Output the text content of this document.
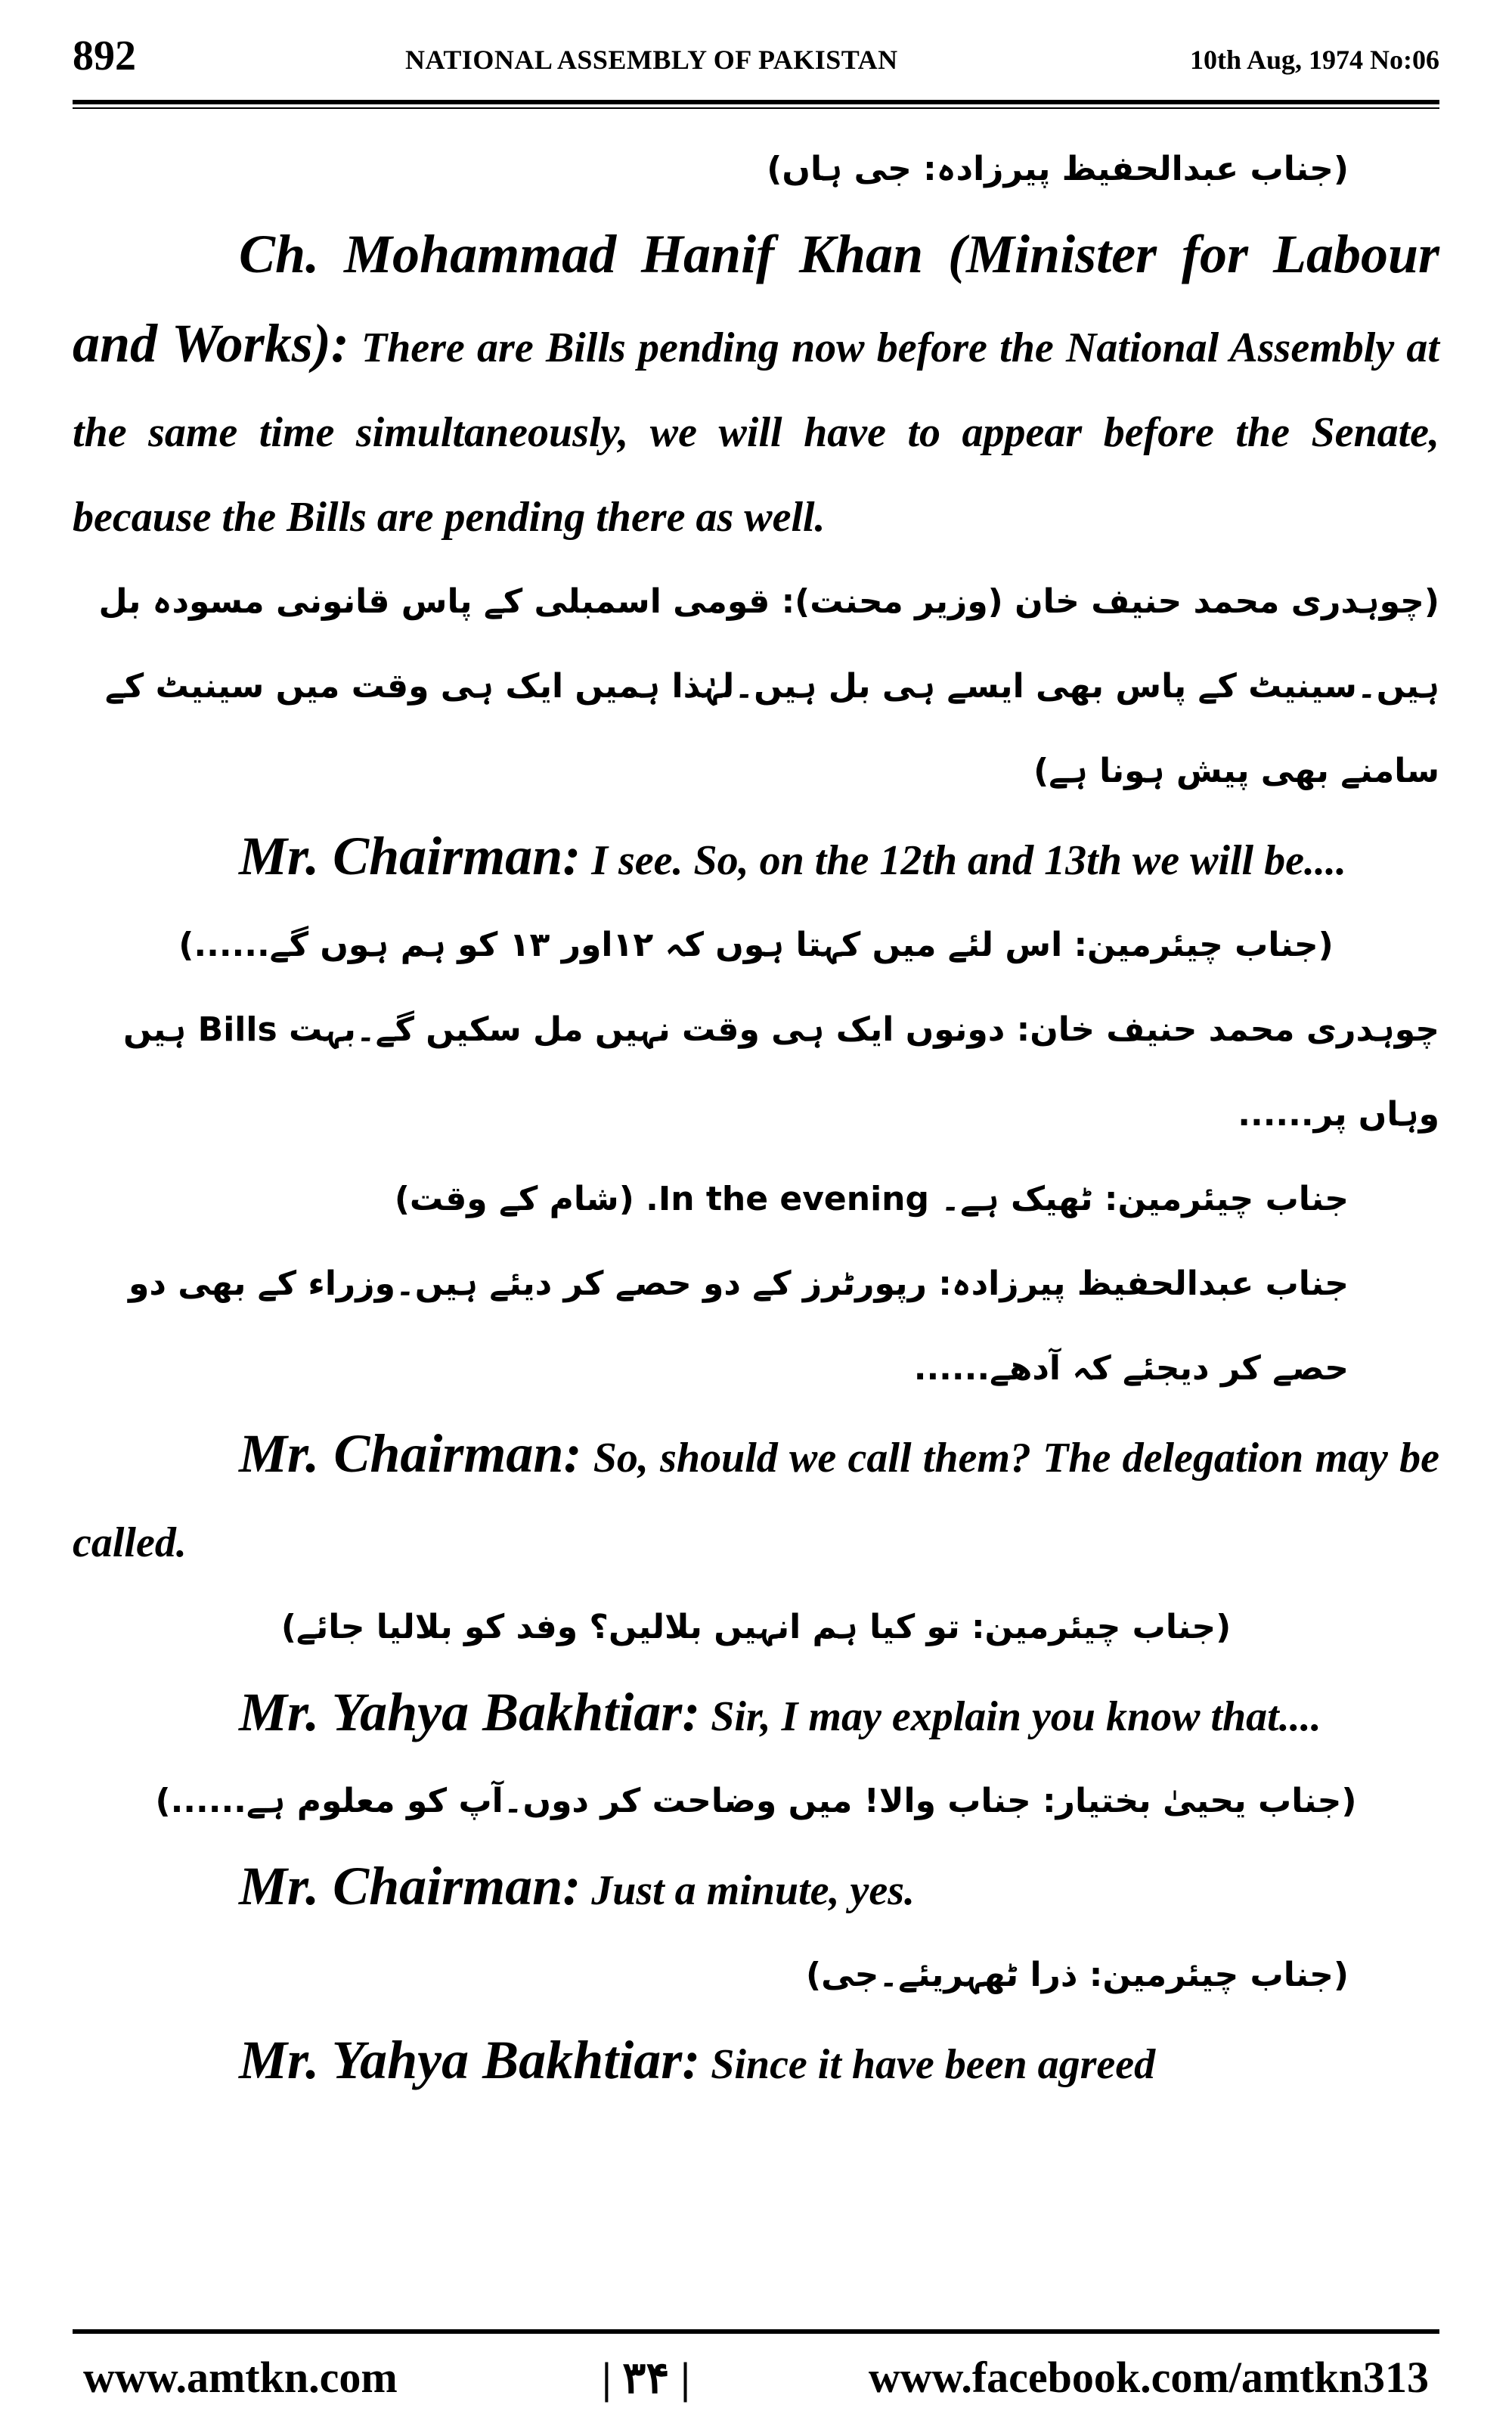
892	NATIONAL ASSEMBLY OF PAKISTAN	10th Aug, 1974 No:06

(جناب عبدالحفیظ پیرزادہ: جی ہاں)

Ch. Mohammad Hanif Khan (Minister for Labour and Works): There are Bills pending now before the National Assembly at the same time simultaneously, we will have to appear before the Senate, because the Bills are pending there as well.

(چوہدری محمد حنیف خان (وزیر محنت): قومی اسمبلی کے پاس قانونی مسودہ بل ہیں۔سینیٹ کے پاس بھی ایسے ہی بل ہیں۔لہٰذا ہمیں ایک ہی وقت میں سینیٹ کے سامنے بھی پیش ہونا ہے)

Mr. Chairman: I see. So, on the 12th and 13th we will be....

(جناب چیئرمین: اس لئے میں کہتا ہوں کہ ۱۲اور ۱۳ کو ہم ہوں گے......)

چوہدری محمد حنیف خان: دونوں ایک ہی وقت نہیں مل سکیں گے۔بہت Bills ہیں وہاں پر......

جناب چیئرمین: ٹھیک ہے۔ In the evening. (شام کے وقت)

جناب عبدالحفیظ پیرزادہ: رپورٹرز کے دو حصے کر دیئے ہیں۔وزراء کے بھی دو حصے کر دیجئے کہ آدھے......

Mr. Chairman: So, should we call them? The delegation may be called.

(جناب چیئرمین: تو کیا ہم انہیں بلالیں؟ وفد کو بلالیا جائے)

Mr. Yahya Bakhtiar: Sir, I may explain you know that....

(جناب یحییٰ بختیار: جناب والا! میں وضاحت کر دوں۔آپ کو معلوم ہے......)

Mr. Chairman: Just a minute, yes.

(جناب چیئرمین: ذرا ٹھہریئے۔جی)

Mr. Yahya Bakhtiar: Since it have been agreed

www.amtkn.com	| ۳۴ |	www.facebook.com/amtkn313
